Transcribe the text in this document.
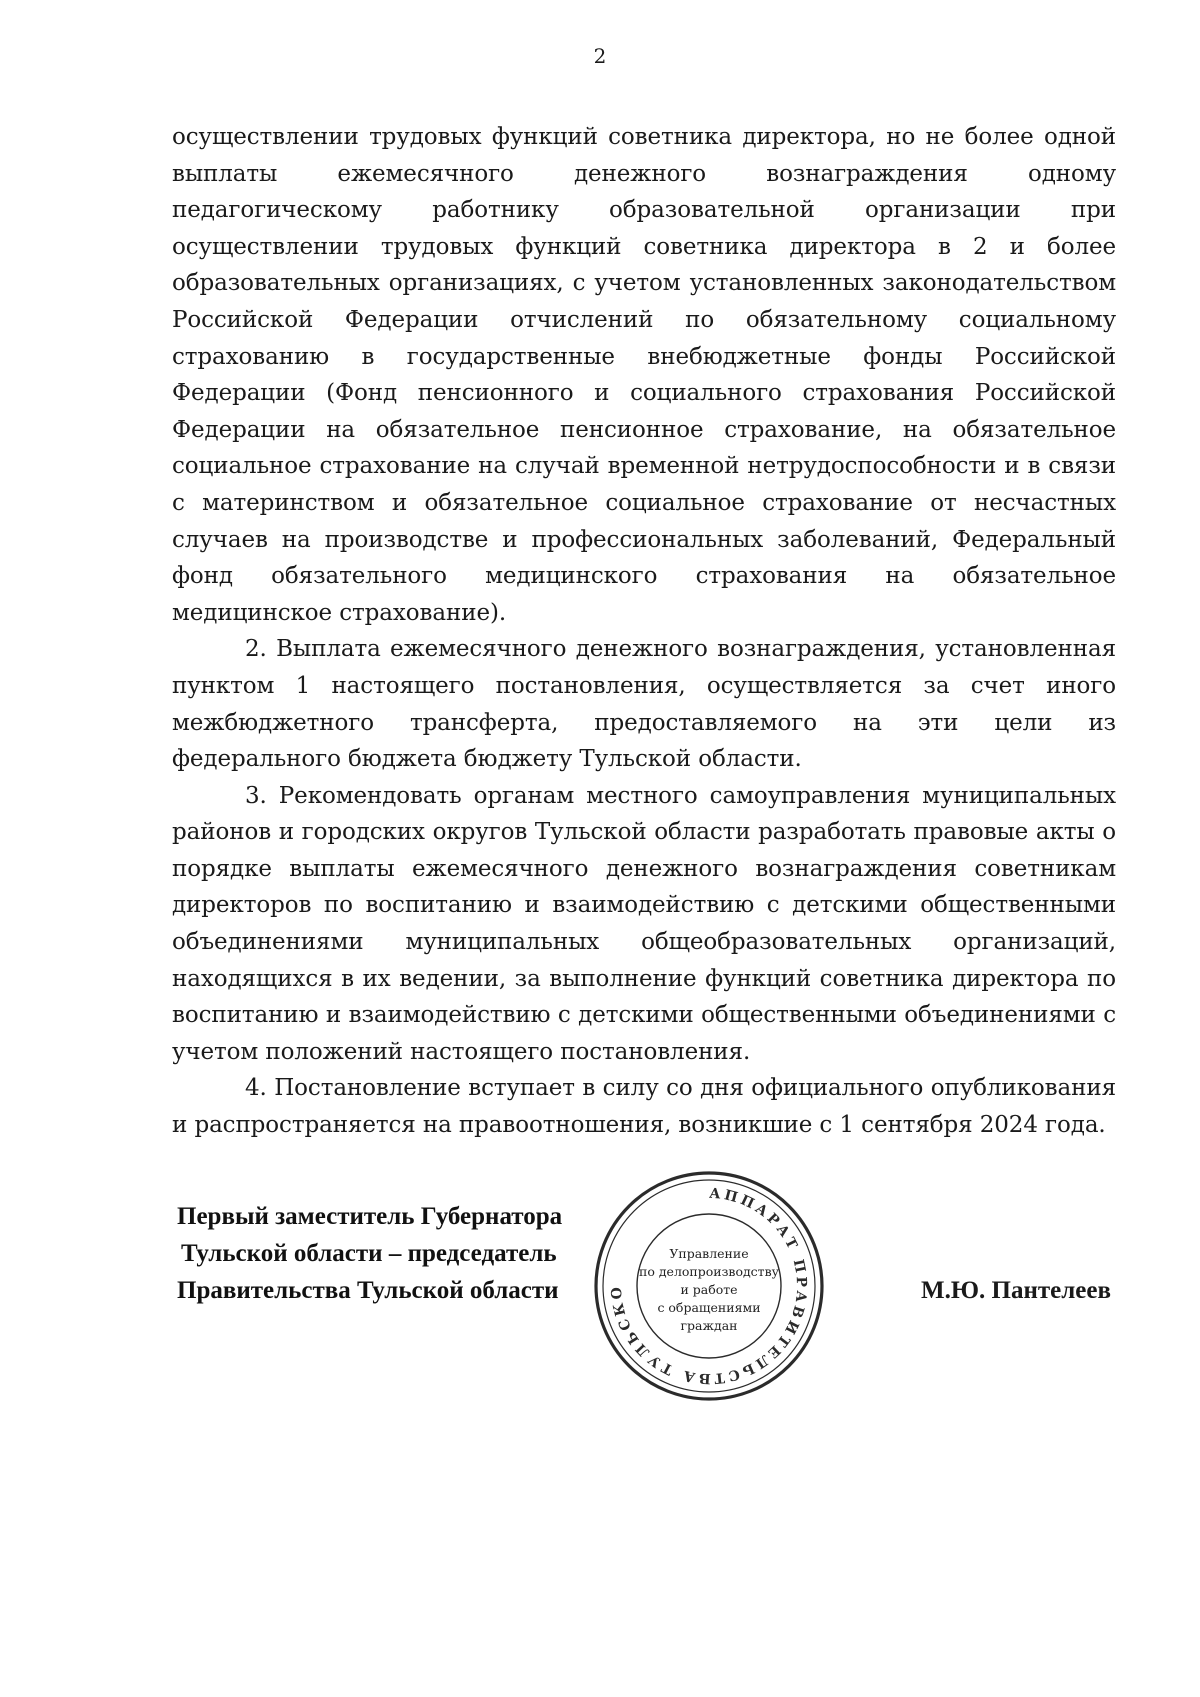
2

осуществлении трудовых функций советника директора, но не более одной выплаты ежемесячного денежного вознаграждения одному педагогическому работнику образовательной организации при осуществлении трудовых функций советника директора в 2 и более образовательных организациях, с учетом установленных законодательством Российской Федерации отчислений по обязательному социальному страхованию в государственные внебюджетные фонды Российской Федерации (Фонд пенсионного и социального страхования Российской Федерации на обязательное пенсионное страхование, на обязательное социальное страхование на случай временной нетрудоспособности и в связи с материнством и обязательное социальное страхование от несчастных случаев на производстве и профессиональных заболеваний, Федеральный фонд обязательного медицинского страхования на обязательное медицинское страхование).

2. Выплата ежемесячного денежного вознаграждения, установленная пунктом 1 настоящего постановления, осуществляется за счет иного межбюджетного трансферта, предоставляемого на эти цели из федерального бюджета бюджету Тульской области.

3. Рекомендовать органам местного самоуправления муниципальных районов и городских округов Тульской области разработать правовые акты о порядке выплаты ежемесячного денежного вознаграждения советникам директоров по воспитанию и взаимодействию с детскими общественными объединениями муниципальных общеобразовательных организаций, находящихся в их ведении, за выполнение функций советника директора по воспитанию и взаимодействию с детскими общественными объединениями с учетом положений настоящего постановления.

4. Постановление вступает в силу со дня официального опубликования и распространяется на правоотношения, возникшие с 1 сентября 2024 года.

Первый заместитель Губернатора
Тульской области – председатель
Правительства Тульской области	М.Ю. Пантелеев
АППАРАТ ПРАВИТЕЛЬСТВА ТУЛЬСКО
Управление
по делопроизводству
и работе
с обращениями
граждан
